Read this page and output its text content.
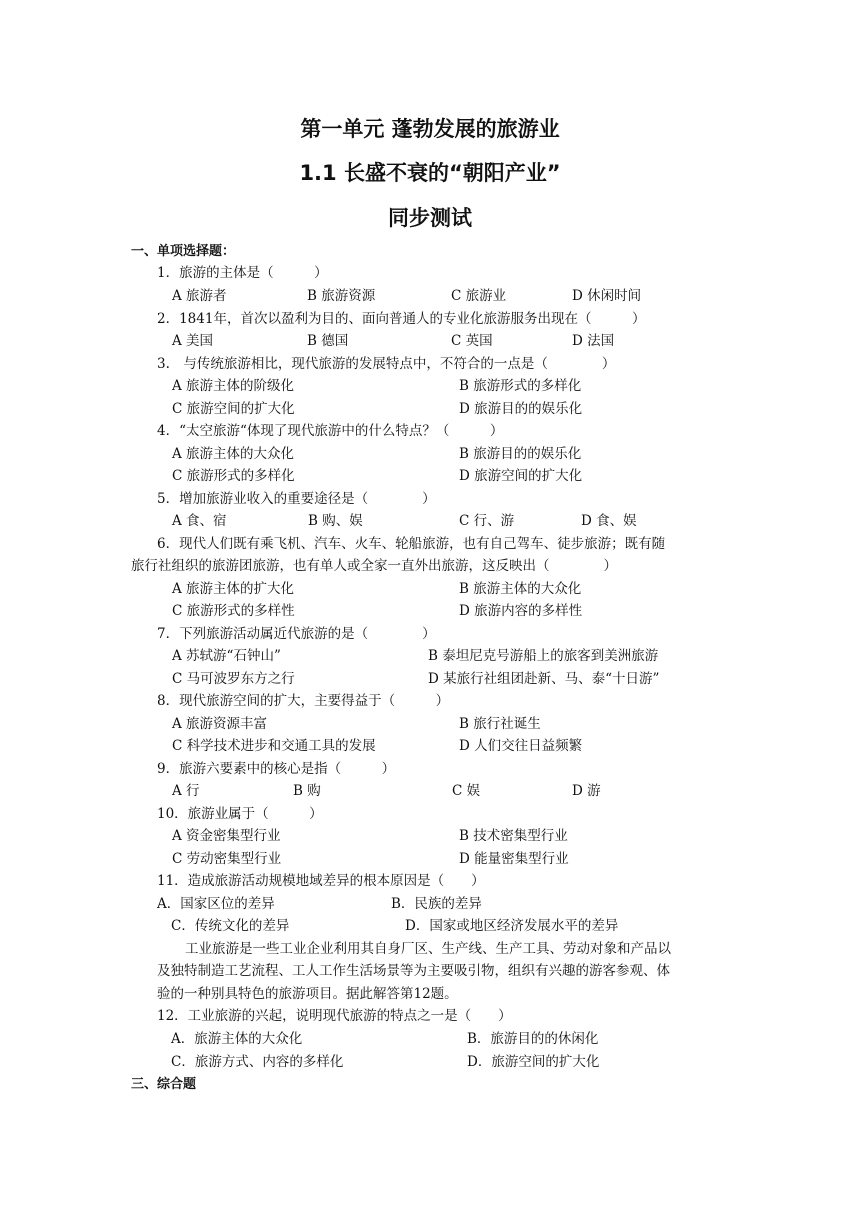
第一单元 蓬勃发展的旅游业
1.1 长盛不衰的“朝阳产业”
同步测试
一、单项选择题：
1．旅游的主体是（　　　）
A 旅游者	B 旅游资源	C 旅游业	D 休闲时间
2．1841年，首次以盈利为目的、面向普通人的专业化旅游服务出现在（　　　）
A 美国	B 德国	C 英国	D 法国
3.　与传统旅游相比，现代旅游的发展特点中，不符合的一点是（　　　　）
A 旅游主体的阶级化	B 旅游形式的多样化
C 旅游空间的扩大化	D 旅游目的的娱乐化
4．“太空旅游“体现了现代旅游中的什么特点？（　　　）
A 旅游主体的大众化	B 旅游目的的娱乐化
C 旅游形式的多样化	D 旅游空间的扩大化
5．增加旅游业收入的重要途径是（　　　　）
A 食、宿	B 购、娱	C 行、游	D 食、娱
6．现代人们既有乘飞机、汽车、火车、轮船旅游，也有自己驾车、徒步旅游；既有随
旅行社组织的旅游团旅游，也有单人或全家一直外出旅游，这反映出（　　　　）
A 旅游主体的扩大化	B 旅游主体的大众化
C 旅游形式的多样性	D 旅游内容的多样性
7．下列旅游活动属近代旅游的是（　　　　）
A 苏轼游“石钟山”	B 泰坦尼克号游船上的旅客到美洲旅游
C 马可波罗东方之行	D 某旅行社组团赴新、马、泰“十日游”
8．现代旅游空间的扩大，主要得益于（　　　）
A 旅游资源丰富	B 旅行社诞生
C 科学技术进步和交通工具的发展	D 人们交往日益频繁
9．旅游六要素中的核心是指（　　　）
A 行	B 购	C 娱	D 游
10．旅游业属于（　　　）
A 资金密集型行业	B 技术密集型行业
C 劳动密集型行业	D 能量密集型行业
11．造成旅游活动规模地域差异的根本原因是（　　）
A．国家区位的差异	B．民族的差异
C．传统文化的差异	D．国家或地区经济发展水平的差异
工业旅游是一些工业企业利用其自身厂区、生产线、生产工具、劳动对象和产品以
及独特制造工艺流程、工人工作生活场景等为主要吸引物，组织有兴趣的游客参观、体
验的一种别具特色的旅游项目。据此解答第12题。
12．工业旅游的兴起，说明现代旅游的特点之一是（　　）
A．旅游主体的大众化	B．旅游目的的休闲化
C．旅游方式、内容的多样化	D．旅游空间的扩大化
三、综合题
